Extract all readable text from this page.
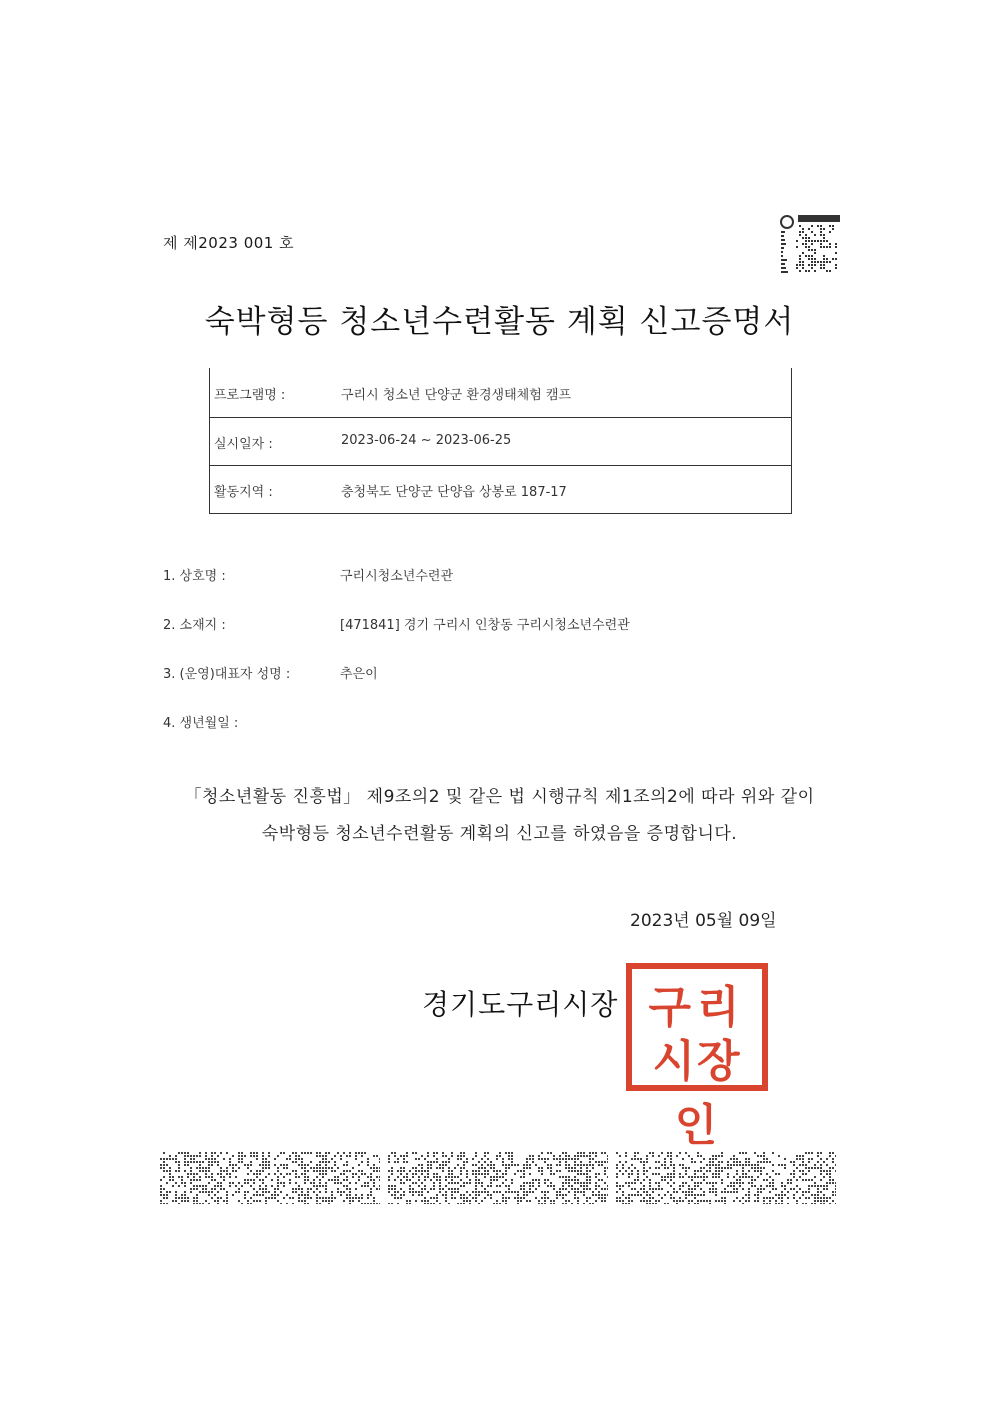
제 제2023 001 호
숙박형등 청소년수련활동 계획 신고증명서
프로그램명 :	구리시 청소년 단양군 환경생태체험 캠프
실시일자 :	2023-06-24 ~ 2023-06-25
활동지역 :	충청북도 단양군 단양읍 상봉로 187-17
1. 상호명 :	구리시청소년수련관
2. 소재지 :	[471841] 경기 구리시 인창동 구리시청소년수련관
3. (운영)대표자 성명 :	추은이
4. 생년월일 :
「청소년활동 진흥법」 제9조의2 및 같은 법 시행규칙 제1조의2에 따라 위와 같이
숙박형등 청소년수련활동 계획의 신고를 하였음을 증명합니다.
2023년 05월 09일
경기도구리시장 구리
시장인
